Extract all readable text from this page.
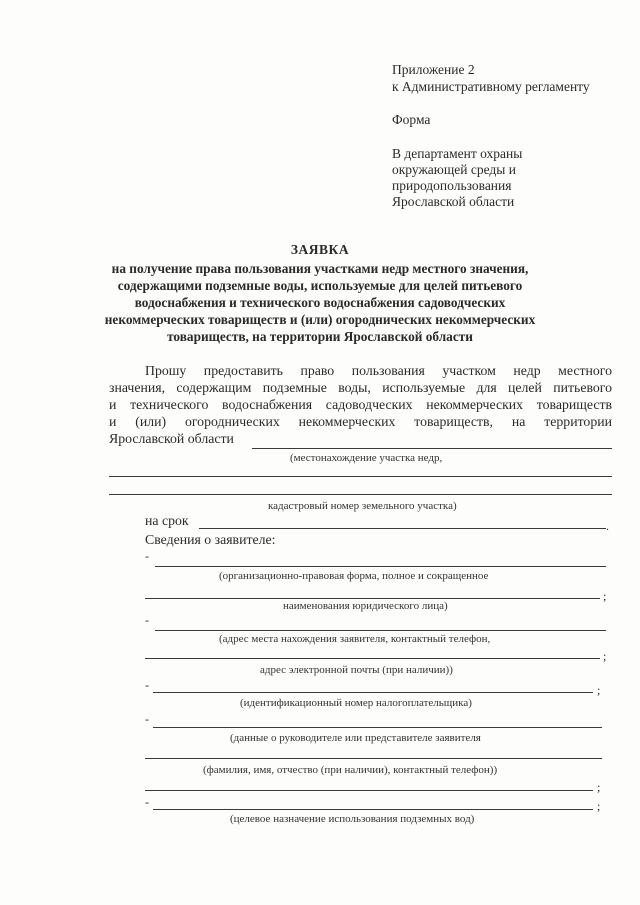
Приложение 2
к Административному регламенту
Форма
В департамент охраны
окружающей среды и
природопользования
Ярославской области
ЗАЯВКА
на получение права пользования участками недр местного значения,
содержащими подземные воды, используемые для целей питьевого
водоснабжения и технического водоснабжения садоводческих
некоммерческих товариществ и (или) огороднических некоммерческих
товариществ, на территории Ярославской области
Прошу предоставить право пользования участком недр местного
значения, содержащим подземные воды, используемые для целей питьевого
и технического водоснабжения садоводческих некоммерческих товариществ
и (или) огороднических некоммерческих товариществ, на территории
Ярославской области
(местонахождение участка недр,
кадастровый номер земельного участка)
на срок	.
Сведения о заявителе:
-
(организационно-правовая форма, полное и сокращенное
;
наименования юридического лица)
-
(адрес места нахождения заявителя, контактный телефон,
;
адрес электронной почты (при наличии))
-	;
(идентификационный номер налогоплательщика)
-
(данные о руководителе или представителе заявителя
(фамилия, имя, отчество (при наличии), контактный телефон))
;
-	;
(целевое назначение использования подземных вод)
